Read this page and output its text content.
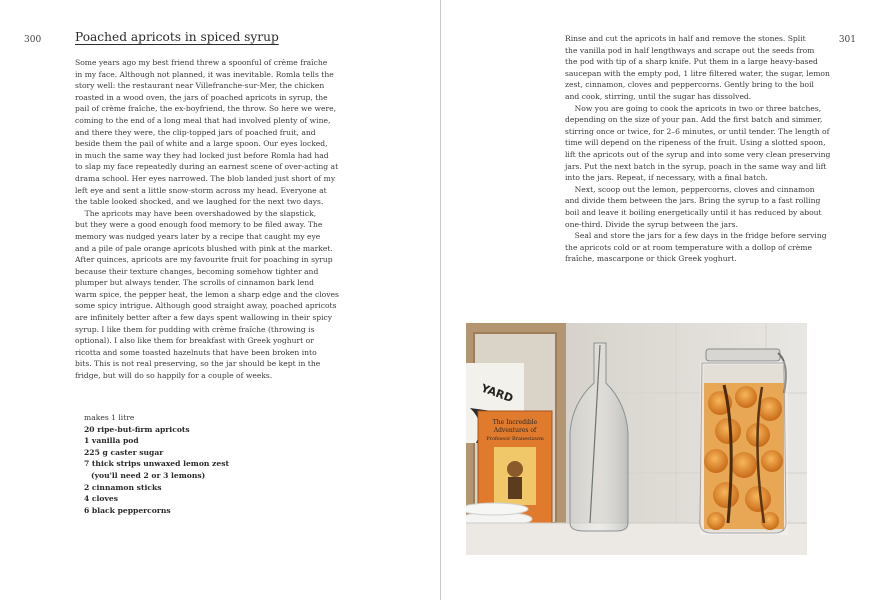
300	Poached apricots in spiced syrup
Some years ago my best friend threw a spoonful of crème fraîche
in my face. Although not planned, it was inevitable. Romla tells the
story well: the restaurant near Villefranche-sur-Mer, the chicken
roasted in a wood oven, the jars of poached apricots in syrup, the
pail of crème fraîche, the ex-boyfriend, the throw. So here we were,
coming to the end of a long meal that had involved plenty of wine,
and there they were, the clip-topped jars of poached fruit, and
beside them the pail of white and a large spoon. Our eyes locked,
in much the same way they had locked just before Romla had had
to slap my face repeatedly during an earnest scene of over-acting at
drama school. Her eyes narrowed. The blob landed just short of my
left eye and sent a little snow-storm across my head. Everyone at
the table looked shocked, and we laughed for the next two days.
The apricots may have been overshadowed by the slapstick,
but they were a good enough food memory to be filed away. The
memory was nudged years later by a recipe that caught my eye
and a pile of pale orange apricots blushed with pink at the market.
After quinces, apricots are my favourite fruit for poaching in syrup
because their texture changes, becoming somehow tighter and
plumper but always tender. The scrolls of cinnamon bark lend
warm spice, the pepper heat, the lemon a sharp edge and the cloves
some spicy intrigue. Although good straight away, poached apricots
are infinitely better after a few days spent wallowing in their spicy
syrup. I like them for pudding with crème fraîche (throwing is
optional). I also like them for breakfast with Greek yoghurt or
ricotta and some toasted hazelnuts that have been broken into
bits. This is not real preserving, so the jar should be kept in the
fridge, but will do so happily for a couple of weeks.
makes 1 litre
20 ripe-but-firm apricots
1 vanilla pod
225 g caster sugar
7 thick strips unwaxed lemon zest
(you'll need 2 or 3 lemons)
2 cinnamon sticks
4 cloves
6 black peppercorns
301
Rinse and cut the apricots in half and remove the stones. Split
the vanilla pod in half lengthways and scrape out the seeds from
the pod with tip of a sharp knife. Put them in a large heavy-based
saucepan with the empty pod, 1 litre filtered water, the sugar, lemon
zest, cinnamon, cloves and peppercorns. Gently bring to the boil
and cook, stirring, until the sugar has dissolved.
Now you are going to cook the apricots in two or three batches,
depending on the size of your pan. Add the first batch and simmer,
stirring once or twice, for 2–6 minutes, or until tender. The length of
time will depend on the ripeness of the fruit. Using a slotted spoon,
lift the apricots out of the syrup and into some very clean preserving
jars. Put the next batch in the syrup, poach in the same way and lift
into the jars. Repeat, if necessary, with a final batch.
Next, scoop out the lemon, peppercorns, cloves and cinnamon
and divide them between the jars. Bring the syrup to a fast rolling
boil and leave it boiling energetically until it has reduced by about
one-third. Divide the syrup between the jars.
Seal and store the jars for a few days in the fridge before serving
the apricots cold or at room temperature with a dollop of crème
fraîche, mascarpone or thick Greek yoghurt.
YARD
The Incredible
Adventures of
Professor Branestawm
